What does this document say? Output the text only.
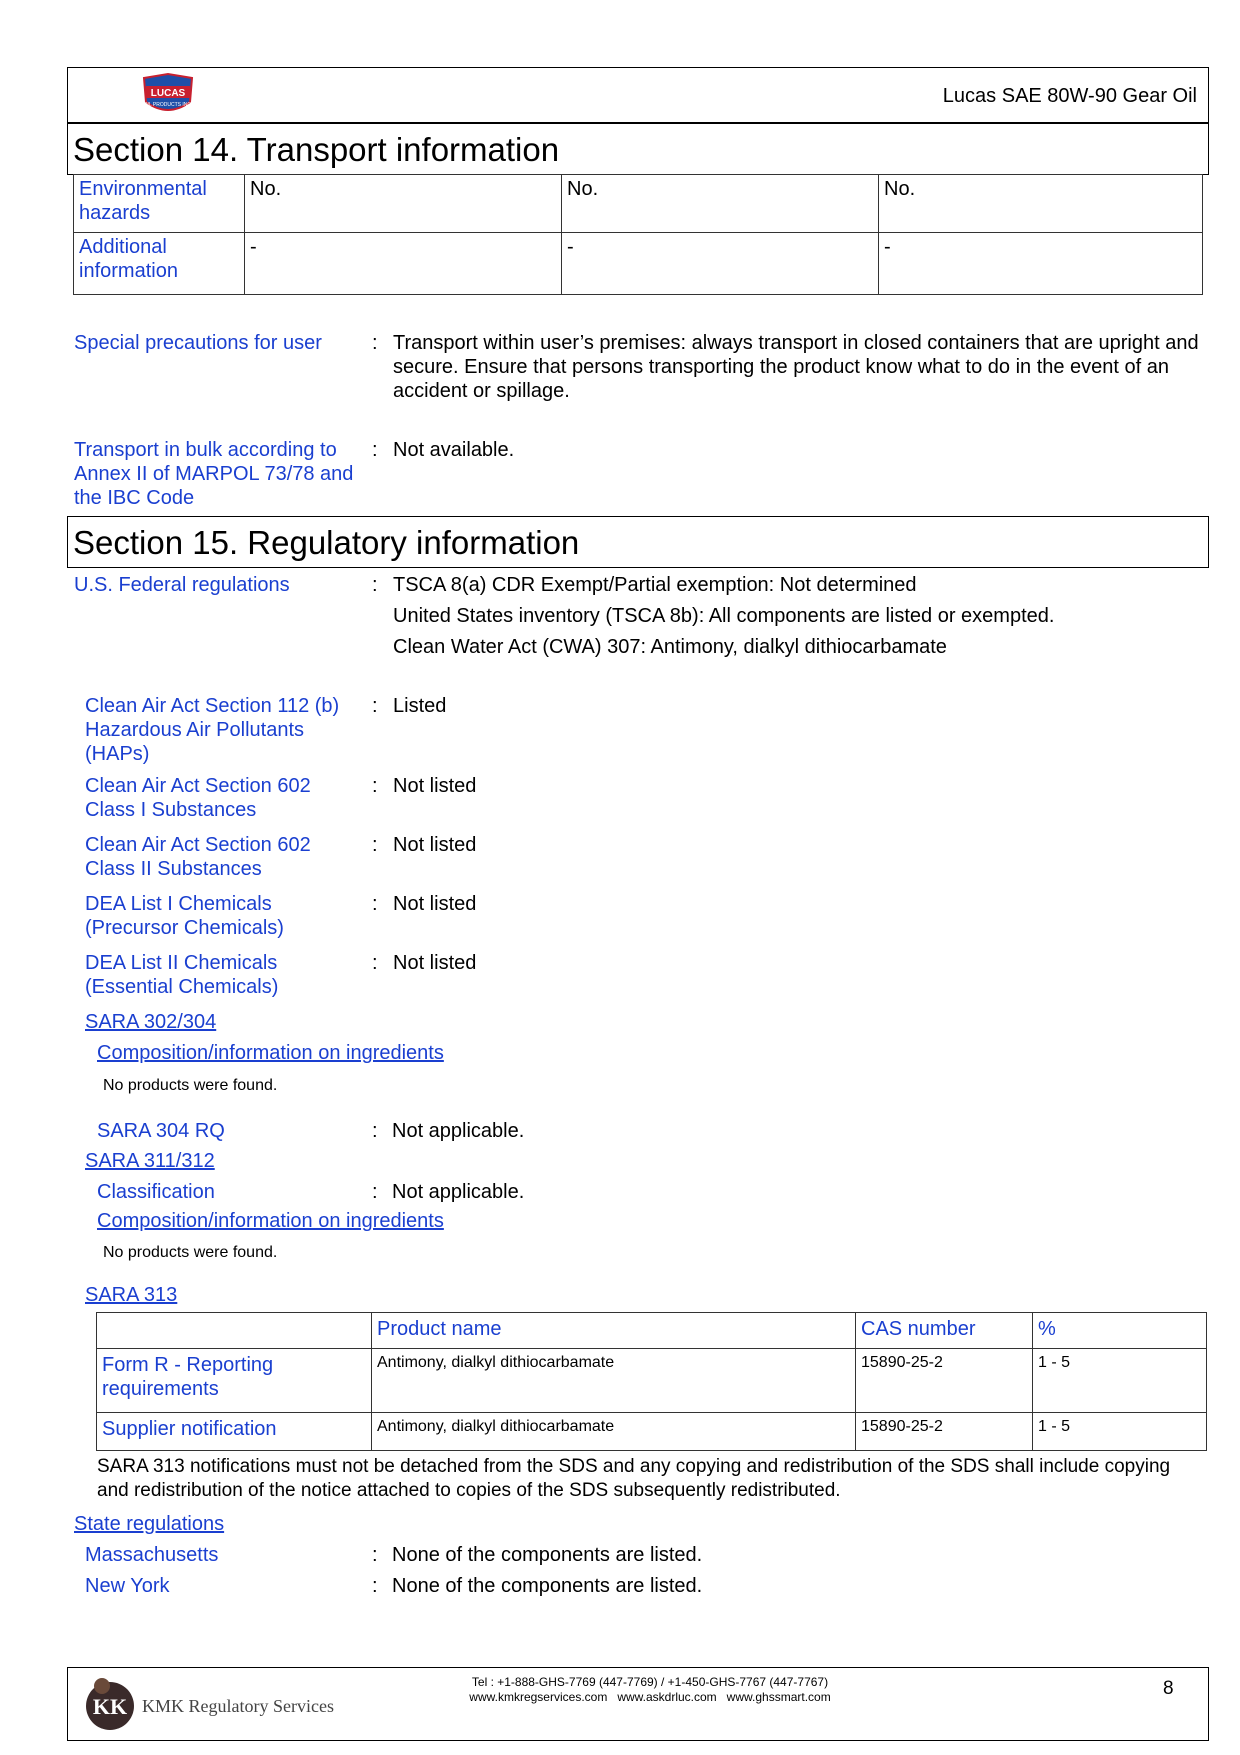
LUCAS
OIL PRODUCTS INC.	Lucas SAE 80W-90 Gear Oil
Section 14. Transport information
Environmental hazards	No.	No.	No.
Additional information	-	-	-
Special precautions for user	: Transport within user’s premises: always transport in closed containers that are upright and secure. Ensure that persons transporting the product know what to do in the event of an accident or spillage.
Transport in bulk according to Annex II of MARPOL 73/78 and the IBC Code
: Not available.
Section 15. Regulatory information
U.S. Federal regulations	: TSCA 8(a) CDR Exempt/Partial exemption: Not determined
United States inventory (TSCA 8b): All components are listed or exempted.
Clean Water Act (CWA) 307: Antimony, dialkyl dithiocarbamate
Clean Air Act Section 112 (b) Hazardous Air Pollutants (HAPs)
: Listed
Clean Air Act Section 602 Class I Substances
: Not listed
Clean Air Act Section 602 Class II Substances
: Not listed
DEA List I Chemicals (Precursor Chemicals)
: Not listed
DEA List II Chemicals (Essential Chemicals)
: Not listed
SARA 302/304
Composition/information on ingredients
No products were found.
SARA 304 RQ	: Not applicable.
SARA 311/312
Classification	: Not applicable.
Composition/information on ingredients
No products were found.
SARA 313
	Product name	CAS number	%
Form R - Reporting requirements	Antimony, dialkyl dithiocarbamate	15890-25-2	1 - 5
Supplier notification	Antimony, dialkyl dithiocarbamate	15890-25-2	1 - 5
SARA 313 notifications must not be detached from the SDS and any copying and redistribution of the SDS shall include copying and redistribution of the notice attached to copies of the SDS subsequently redistributed.
State regulations
Massachusetts	: None of the components are listed.
New York	: None of the components are listed.
KK KMK Regulatory Services
Tel : +1-888-GHS-7769 (447-7769) / +1-450-GHS-7767 (447-7767)
www.kmkregservices.com   www.askdrluc.com   www.ghssmart.com	8
